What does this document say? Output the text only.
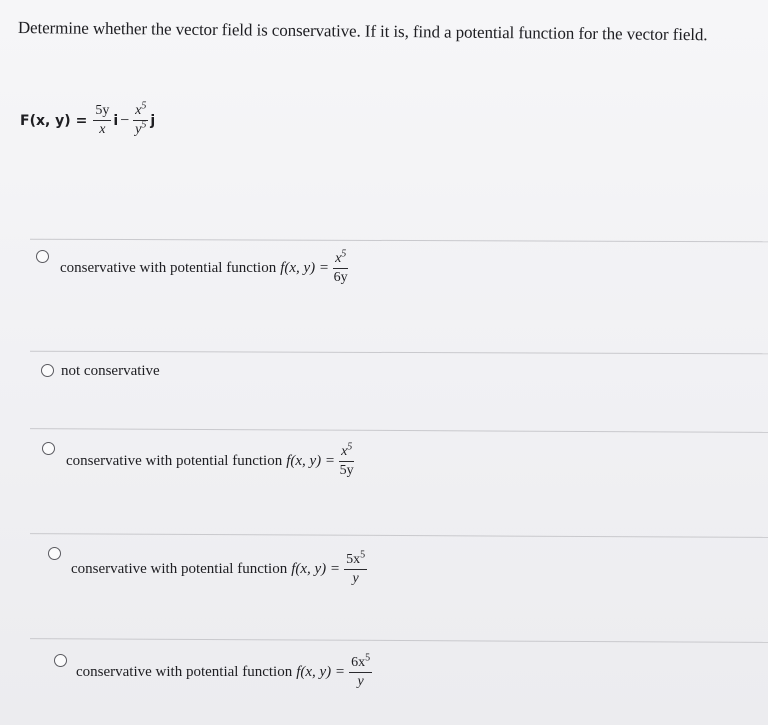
Determine whether the vector field is conservative. If it is, find a potential function for the vector field.
F(x, $y) = \frac{5y}{x}$ $i - \frac{x^5}{y^5}$ j
conservative with potential function f(x, $y) = \frac{x^5}{6y}$
not conservative
conservative with potential function f(x, $y) = \frac{x^5}{5y}$
conservative with potential function f(x, $y) = \frac{5x^5}{y}$
conservative with potential function f(x, $y) = \frac{6x^5}{y}$
